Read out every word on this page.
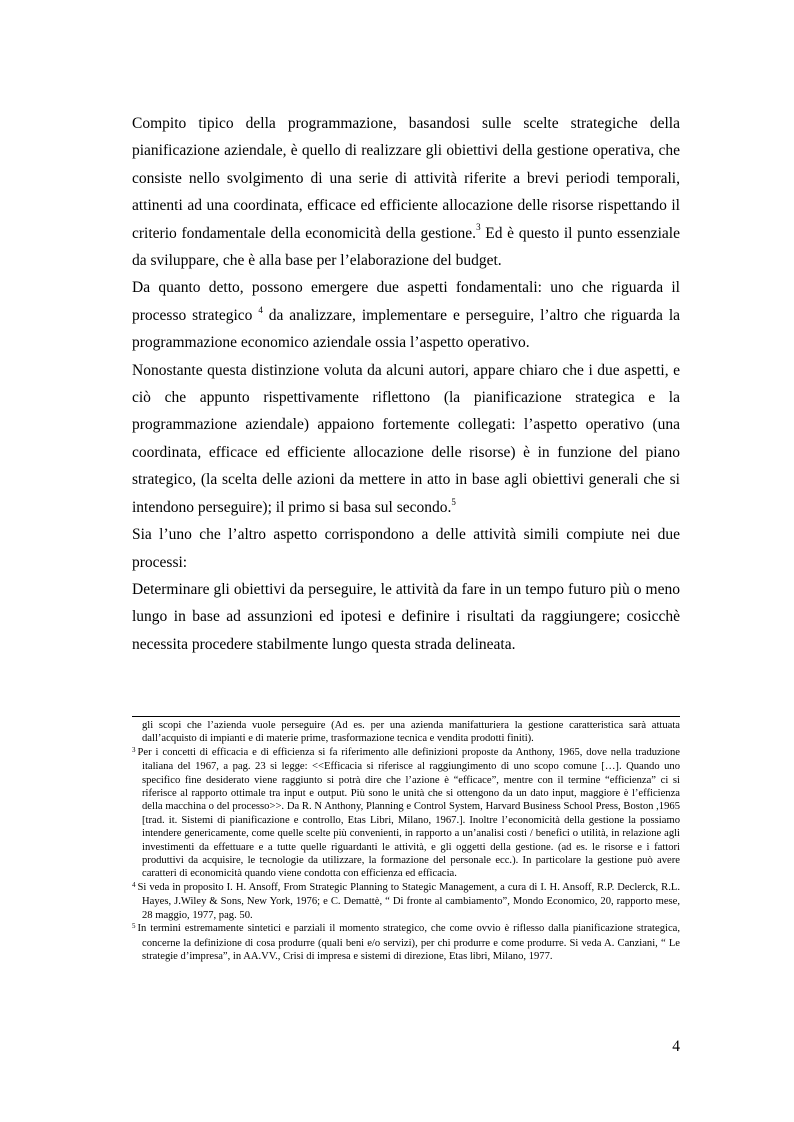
Compito tipico della programmazione, basandosi sulle scelte strategiche della pianificazione aziendale, è quello di realizzare gli obiettivi della gestione operativa, che consiste nello svolgimento di una serie di attività riferite a brevi periodi temporali, attinenti ad una coordinata, efficace ed efficiente allocazione delle risorse rispettando il criterio fondamentale della economicità della gestione.$^3$ Ed è questo il punto essenziale da sviluppare, che è alla base per l’elaborazione del budget.

Da quanto detto, possono emergere due aspetti fondamentali: uno che riguarda il processo strategico $^4$ da analizzare, implementare e perseguire, l’altro che riguarda la programmazione economico aziendale ossia l’aspetto operativo.

Nonostante questa distinzione voluta da alcuni autori, appare chiaro che i due aspetti, e ciò che appunto rispettivamente riflettono (la pianificazione strategica e la programmazione aziendale) appaiono fortemente collegati: l’aspetto operativo (una coordinata, efficace ed efficiente allocazione delle risorse) è in funzione del piano strategico, (la scelta delle azioni da mettere in atto in base agli obiettivi generali che si intendono perseguire); il primo si basa sul secondo.$^5$

Sia l’uno che l’altro aspetto corrispondono a delle attività simili compiute nei due processi:

Determinare gli obiettivi da perseguire, le attività da fare in un tempo futuro più o meno lungo in base ad assunzioni ed ipotesi e definire i risultati da raggiungere; cosicchè necessita procedere stabilmente lungo questa strada delineata.

gli scopi che l’azienda vuole perseguire (Ad es. per una azienda manifatturiera la gestione caratteristica sarà attuata dall’acquisto di impianti e di materie prime, trasformazione tecnica e vendita prodotti finiti).

$^3$ Per i concetti di efficacia e di efficienza si fa riferimento alle definizioni proposte da Anthony, 1965, dove nella traduzione italiana del 1967, a pag. 23 si legge: <<Efficacia si riferisce al raggiungimento di uno scopo comune […]. Quando uno specifico fine desiderato viene raggiunto si potrà dire che l’azione è “efficace”, mentre con il termine “efficienza” ci si riferisce al rapporto ottimale tra input e output. Più sono le unità che si ottengono da un dato input, maggiore è l’efficienza della macchina o del processo>>. Da R. N Anthony, Planning e Control System, Harvard Business School Press, Boston ,1965 [trad. it. Sistemi di pianificazione e controllo, Etas Libri, Milano, 1967.]. Inoltre l’economicità della gestione la possiamo intendere genericamente, come quelle scelte più convenienti, in rapporto a un’analisi costi / benefici o utilità, in relazione agli investimenti da effettuare e a tutte quelle riguardanti le attività, e gli oggetti della gestione. (ad es. le risorse e i fattori produttivi da acquisire, le tecnologie da utilizzare, la formazione del personale ecc.). In particolare la gestione può avere caratteri di economicità quando viene condotta con efficienza ed efficacia.

$^4$ Si veda in proposito I. H. Ansoff, From Strategic Planning to Stategic Management, a cura di I. H. Ansoff, R.P. Declerck, R.L. Hayes, J.Wiley & Sons, New York, 1976; e C. Demattè, “ Di fronte al cambiamento”, Mondo Economico, 20, rapporto mese, 28 maggio, 1977, pag. 50.

$^5$ In termini estremamente sintetici e parziali il momento strategico, che come ovvio è riflesso dalla pianificazione strategica, concerne la definizione di cosa produrre (quali beni e/o servizi), per chi produrre e come produrre. Si veda A. Canziani, “ Le strategie d’impresa”, in AA.VV., Crisi di impresa e sistemi di direzione, Etas libri, Milano, 1977.

4
